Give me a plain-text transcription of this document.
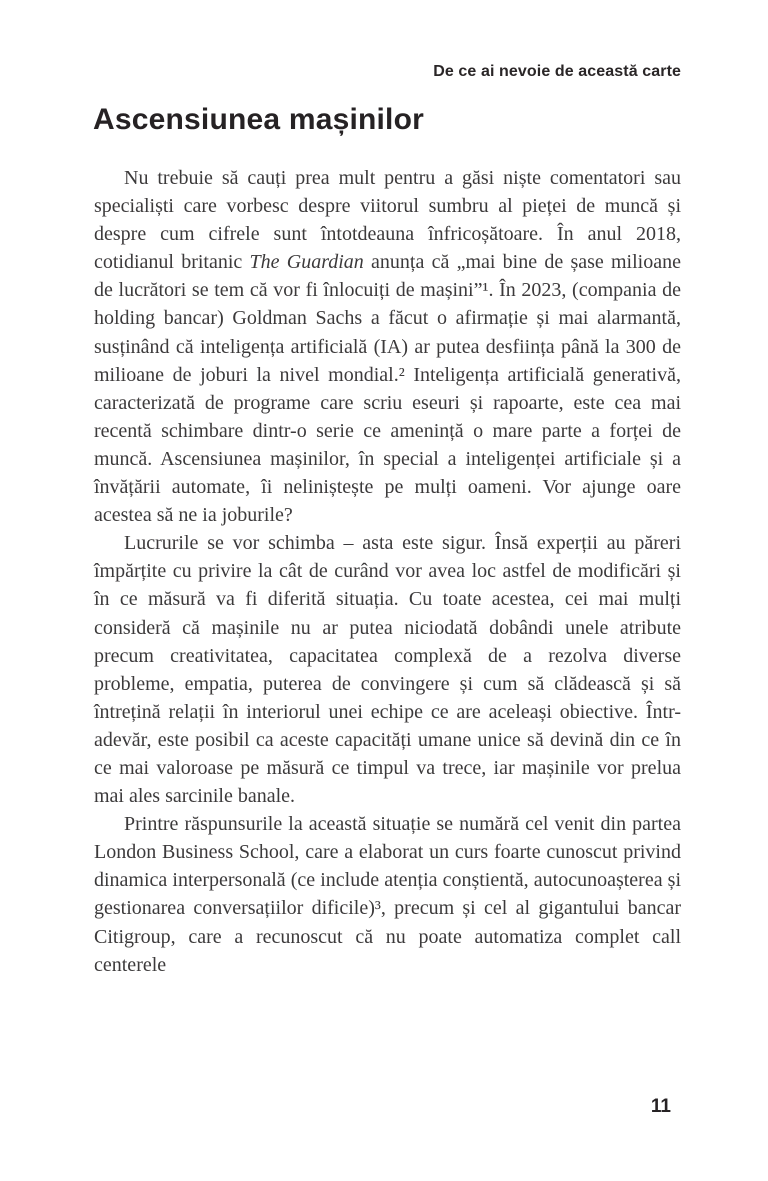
De ce ai nevoie de această carte
Ascensiunea mașinilor

Nu trebuie să cauți prea mult pentru a găsi niște comentatori sau specialiști care vorbesc despre viitorul sumbru al pieței de muncă și despre cum cifrele sunt întotdeauna înfricoșătoare. În anul 2018, cotidianul britanic The Guardian anunța că „mai bine de șase milioane de lucrători se tem că vor fi înlocuiți de mașini”¹. În 2023, (compania de holding bancar) Goldman Sachs a făcut o afirmație și mai alarmantă, susținând că inteligența artificială (IA) ar putea desființa până la 300 de milioane de joburi la nivel mondial.² Inteligența artificială generativă, caracterizată de programe care scriu eseuri și rapoarte, este cea mai recentă schimbare dintr-o serie ce amenință o mare parte a forței de muncă. Ascensiunea mașinilor, în special a inteligenței artificiale și a învățării automate, îi neliniștește pe mulți oameni. Vor ajunge oare acestea să ne ia joburile?

Lucrurile se vor schimba – asta este sigur. Însă experții au păreri împărțite cu privire la cât de curând vor avea loc astfel de modificări și în ce măsură va fi diferită situația. Cu toate acestea, cei mai mulți consideră că mașinile nu ar putea niciodată dobândi unele atribute precum creativitatea, capacitatea complexă de a rezolva diverse probleme, empatia, puterea de convingere și cum să clădească și să întrețină relații în interiorul unei echipe ce are aceleași obiective. Într-adevăr, este posibil ca aceste capacități umane unice să devină din ce în ce mai valoroase pe măsură ce timpul va trece, iar mașinile vor prelua mai ales sarcinile banale.

Printre răspunsurile la această situație se numără cel venit din partea London Business School, care a elaborat un curs foarte cunoscut privind dinamica interpersonală (ce include atenția conștientă, autocunoașterea și gestionarea conversațiilor dificile)³, precum și cel al gigantului bancar Citigroup, care a recunoscut că nu poate automatiza complet call centerele

11
